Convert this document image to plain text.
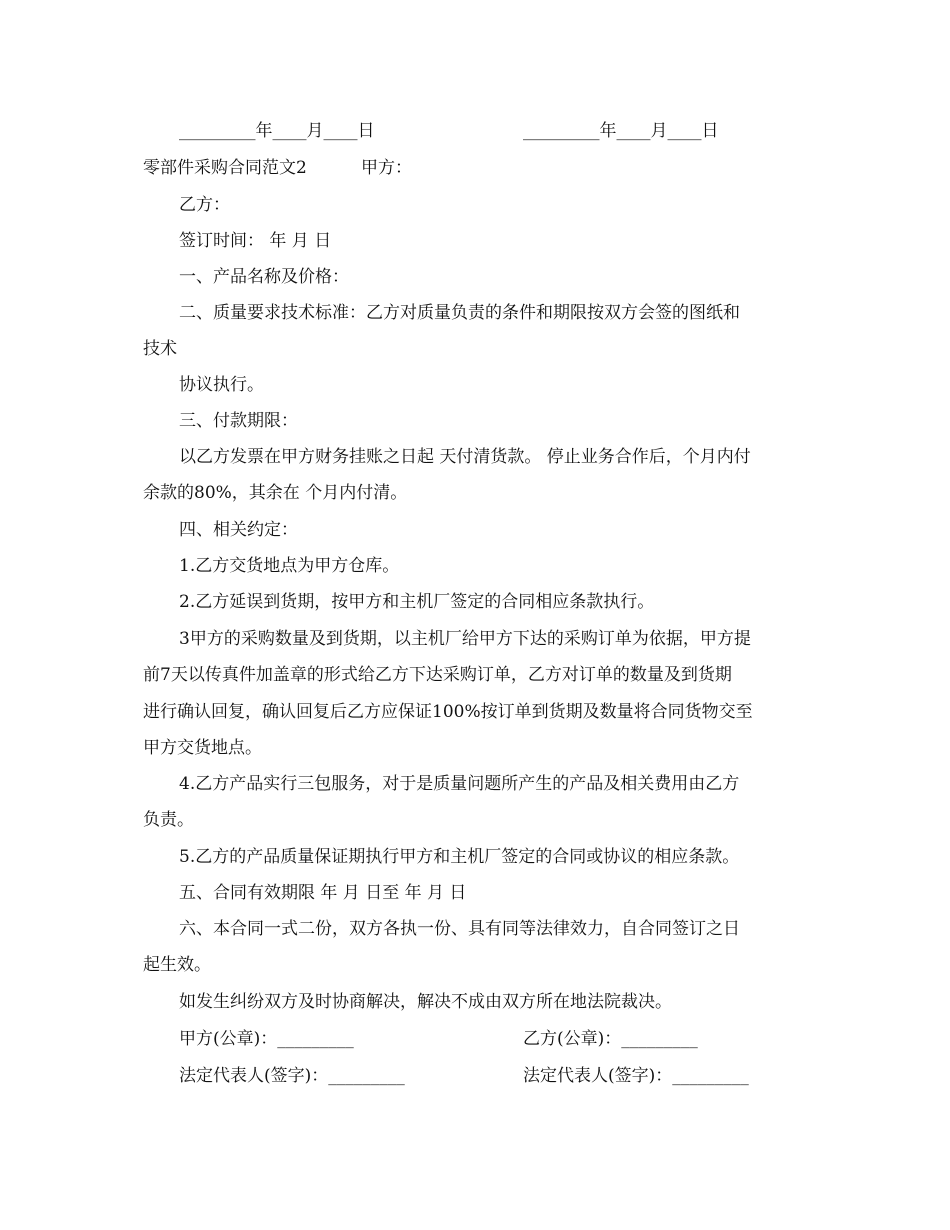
_________年____月____日	_________年____月____日
零部件采购合同范文2	甲方：
乙方：
签订时间： 年 月 日
一、产品名称及价格：
二、质量要求技术标准：乙方对质量负责的条件和期限按双方会签的图纸和
技术
协议执行。
三、付款期限：
以乙方发票在甲方财务挂账之日起 天付清货款。 停止业务合作后，个月内付
余款的80%，其余在 个月内付清。
四、相关约定：
1.乙方交货地点为甲方仓库。
2.乙方延误到货期，按甲方和主机厂签定的合同相应条款执行。
3甲方的采购数量及到货期，以主机厂给甲方下达的采购订单为依据，甲方提
前7天以传真件加盖章的形式给乙方下达采购订单，乙方对订单的数量及到货期
进行确认回复，确认回复后乙方应保证100%按订单到货期及数量将合同货物交至
甲方交货地点。
4.乙方产品实行三包服务，对于是质量问题所产生的产品及相关费用由乙方
负责。
5.乙方的产品质量保证期执行甲方和主机厂签定的合同或协议的相应条款。
五、合同有效期限 年 月 日至 年 月 日
六、本合同一式二份，双方各执一份、具有同等法律效力，自合同签订之日
起生效。
如发生纠纷双方及时协商解决，解决不成由双方所在地法院裁决。
甲方(公章)：_________	乙方(公章)：_________
法定代表人(签字)：_________	法定代表人(签字)：_________
